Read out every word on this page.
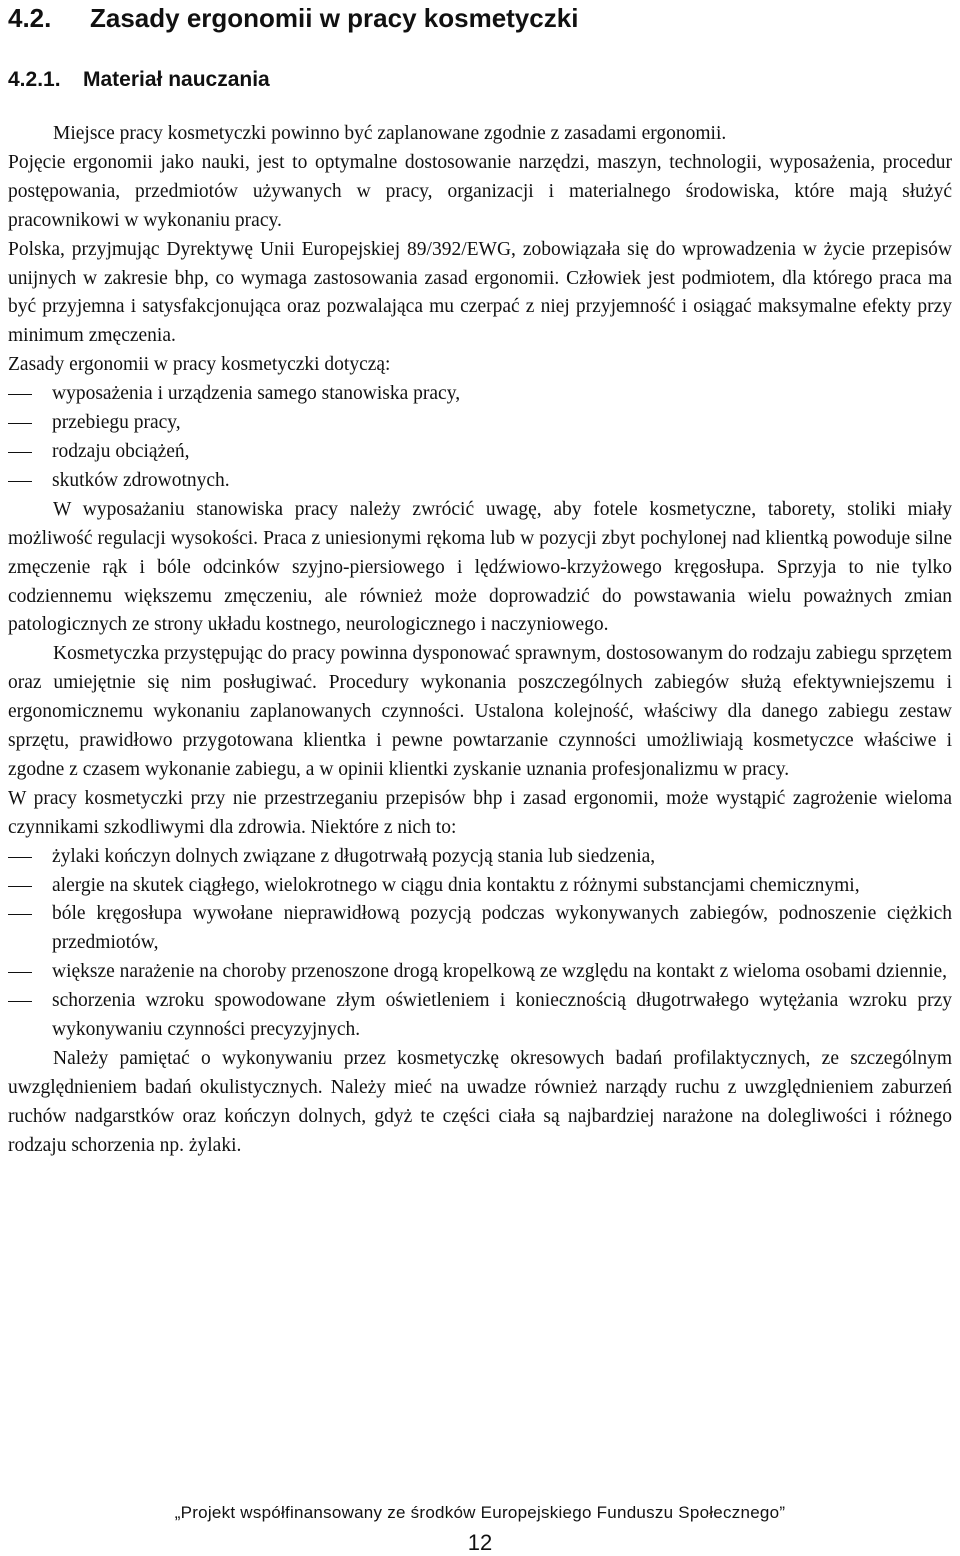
4.2. Zasady ergonomii w pracy kosmetyczki
4.2.1. Materiał nauczania

Miejsce pracy kosmetyczki powinno być zaplanowane zgodnie z zasadami ergonomii.

Pojęcie ergonomii jako nauki, jest to optymalne dostosowanie narzędzi, maszyn, technologii, wyposażenia, procedur postępowania, przedmiotów używanych w pracy, organizacji i materialnego środowiska, które mają służyć pracownikowi w wykonaniu pracy.

Polska, przyjmując Dyrektywę Unii Europejskiej 89/392/EWG, zobowiązała się do wprowadzenia w życie przepisów unijnych w zakresie bhp, co wymaga zastosowania zasad ergonomii. Człowiek jest podmiotem, dla którego praca ma być przyjemna i satysfakcjonująca oraz pozwalająca mu czerpać z niej przyjemność i osiągać maksymalne efekty przy minimum zmęczenia.

Zasady ergonomii w pracy kosmetyczki dotyczą:

wyposażenia i urządzenia samego stanowiska pracy,
przebiegu pracy,
rodzaju obciążeń,
skutków zdrowotnych.

W wyposażaniu stanowiska pracy należy zwrócić uwagę, aby fotele kosmetyczne, taborety, stoliki miały możliwość regulacji wysokości. Praca z uniesionymi rękoma lub w pozycji zbyt pochylonej nad klientką powoduje silne zmęczenie rąk i bóle odcinków szyjno-piersiowego i lędźwiowo-krzyżowego kręgosłupa. Sprzyja to nie tylko codziennemu większemu zmęczeniu, ale również może doprowadzić do powstawania wielu poważnych zmian patologicznych ze strony układu kostnego, neurologicznego i naczyniowego.

Kosmetyczka przystępując do pracy powinna dysponować sprawnym, dostosowanym do rodzaju zabiegu sprzętem oraz umiejętnie się nim posługiwać. Procedury wykonania poszczególnych zabiegów służą efektywniejszemu i ergonomicznemu wykonaniu zaplanowanych czynności. Ustalona kolejność, właściwy dla danego zabiegu zestaw sprzętu, prawidłowo przygotowana klientka i pewne powtarzanie czynności umożliwiają kosmetyczce właściwe i zgodne z czasem wykonanie zabiegu, a w opinii klientki zyskanie uznania profesjonalizmu w pracy.

W pracy kosmetyczki przy nie przestrzeganiu przepisów bhp i zasad ergonomii, może wystąpić zagrożenie wieloma czynnikami szkodliwymi dla zdrowia. Niektóre z nich to:

żylaki kończyn dolnych związane z długotrwałą pozycją stania lub siedzenia,
alergie na skutek ciągłego, wielokrotnego w ciągu dnia kontaktu z różnymi substancjami chemicznymi,
bóle kręgosłupa wywołane nieprawidłową pozycją podczas wykonywanych zabiegów, podnoszenie ciężkich przedmiotów,
większe narażenie na choroby przenoszone drogą kropelkową ze względu na kontakt z wieloma osobami dziennie,
schorzenia wzroku spowodowane złym oświetleniem i koniecznością długotrwałego wytężania wzroku przy wykonywaniu czynności precyzyjnych.

Należy pamiętać o wykonywaniu przez kosmetyczkę okresowych badań profilaktycznych, ze szczególnym uwzględnieniem badań okulistycznych. Należy mieć na uwadze również narządy ruchu z uwzględnieniem zaburzeń ruchów nadgarstków oraz kończyn dolnych, gdyż te części ciała są najbardziej narażone na dolegliwości i różnego rodzaju schorzenia np. żylaki.

„Projekt współfinansowany ze środków Europejskiego Funduszu Społecznego”
12
